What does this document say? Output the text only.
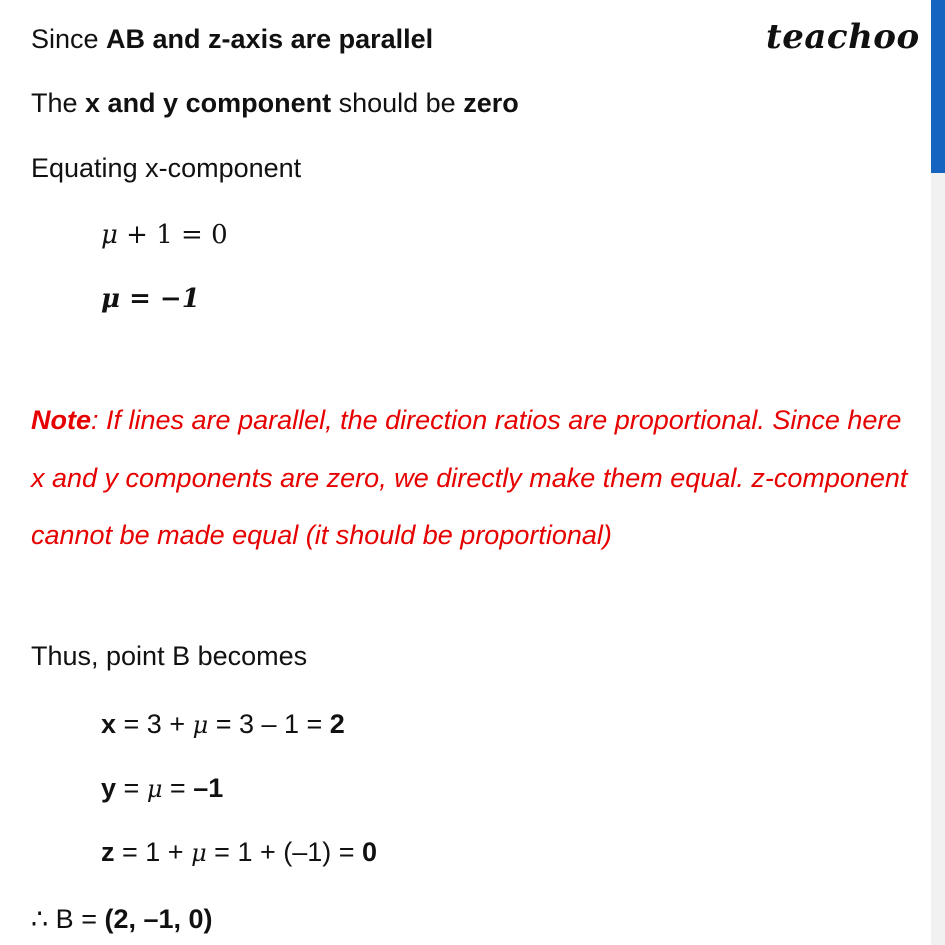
teachoo

Since AB and z-axis are parallel

The x and y component should be zero

Equating x-component

μ + 1 = 0

μ = −1

Note: If lines are parallel, the direction ratios are proportional. Since here x and y components are zero, we directly make them equal. z-component cannot be made equal (it should be proportional)

Thus, point B becomes

x = 3 + μ = 3 – 1 = 2

y = μ = –1

z = 1 + μ = 1 + (–1) = 0

∴ B = (2, –1, 0)
